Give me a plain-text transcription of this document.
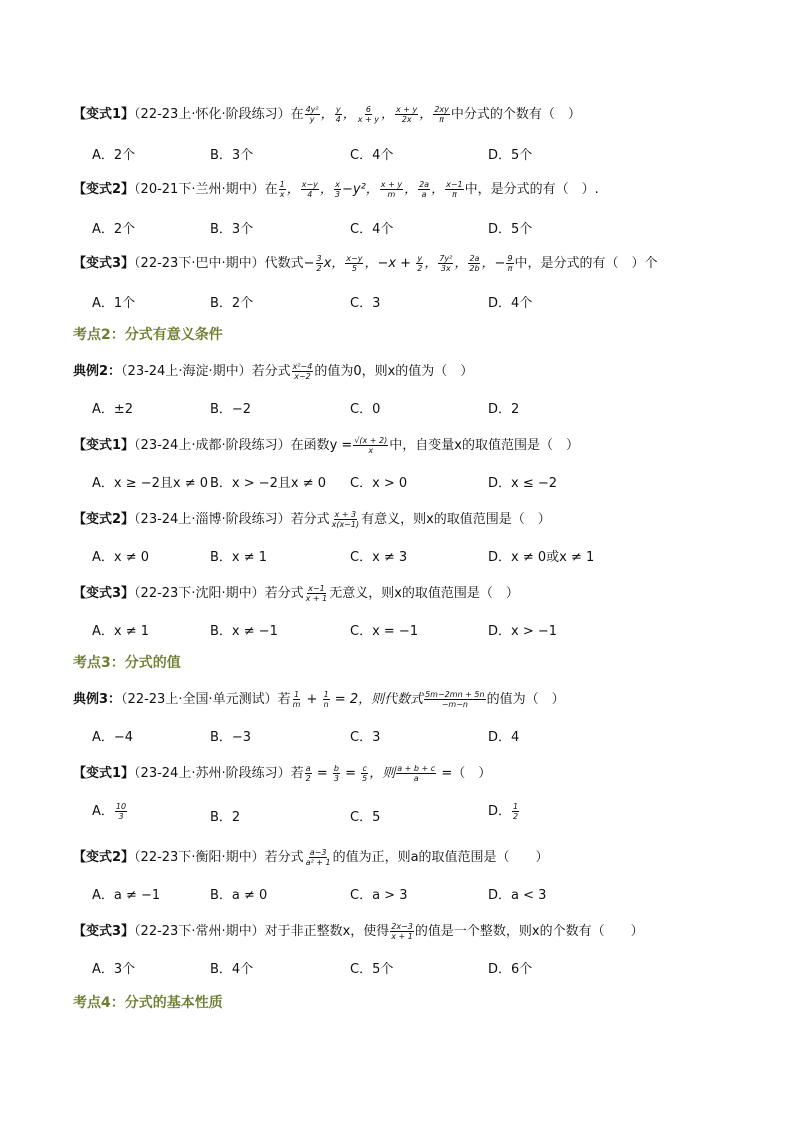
【变式1】（22-23上·怀化·阶段练习）在 $\frac{\text{4y²}}{y}$ ， $\frac{y}{4}$ ， $\frac{6}{x + y}$ ， $\frac{x + y}{2x}$ ， $\frac{2xy}{\pi}$ 中分式的个数有（　）
A．2个	B．3个	C．4个	D．5个
【变式2】（20-21下·兰州·期中）在 $\frac{1}{x}$ ， $\frac{x-y}{4}$ ， $\frac{x}{3} -y^2$， $\frac{x + y}{m}$ ， $\frac{2a}{a}$ ， $\frac{x-1}{\pi}$ 中，是分式的有（　）.
A．2个	B．3个	C．4个	D．5个
【变式3】（22-23下·巴中·期中）代数式− $\frac{3}{2}$ x， $\frac{x-y}{5}$ ，$-x + \frac{y}{2}$ ， $\frac{\text{7y²}}{3x}$ ， $\frac{2a}{2b}$ ，− $\frac{9}{\pi}$ 中，是分式的有（　）个
A．1个	B．2个	C．3	D．4个
考点2：分式有意义条件
典例2：（23-24上·海淀·期中）若分式 $\frac{\text{x²−4}}{x-2}$ 的值为0，则x的值为（　）
A．±2	B．−2	C．0	D．2
【变式1】（23-24上·成都·阶段练习）在函数$y = \frac{√(x + 2)}{x}$ 中，自变量x的取值范围是（　）
A．x ≥ −2且x ≠ 0 B．x > −2且x ≠ 0 C．x > 0	D．x ≤ −2
【变式2】（23-24上·淄博·阶段练习）若分式 $\frac{x + 3}{x(x-1)}$ 有意义，则x的取值范围是（　）
A．x ≠ 0	B．x ≠ 1	C．x ≠ 3	D．x ≠ 0或x ≠ 1
【变式3】（22-23下·沈阳·期中）若分式 $\frac{x-1}{x + 1}$ 无意义，则x的取值范围是（　）
A．x ≠ 1	B．x ≠ −1	C．x = −1	D．x > −1
考点3：分式的值
典例3：（22-23上·全国·单元测试）若 $\frac{1}{m} + \frac{1}{n} = 2$，则代数式 $\frac{5m-2mn + 5n}{-m-n}$ 的值为（　）
A．−4	B．−3	C．3	D．4
【变式1】（23-24上·苏州·阶段练习）若 $\frac{a}{2} = \frac{b}{3} = \frac{c}{5}$ ，则 $\frac{a + b + c}{a}$ =（　）
A． $\frac{10}{3}$	B．2	C．5	D． $\frac{1}{2}$
【变式2】（22-23下·衡阳·期中）若分式 $\frac{a-3}{\text{a² + 1}}$ 的值为正，则a的取值范围是（　　）
A．a ≠ −1	B．a ≠ 0	C．a > 3	D．a < 3
【变式3】（22-23下·常州·期中）对于非正整数x，使得 $\frac{2x-3}{x + 1}$ 的值是一个整数，则x的个数有（　　）
A．3个	B．4个	C．5个	D．6个
考点4：分式的基本性质
